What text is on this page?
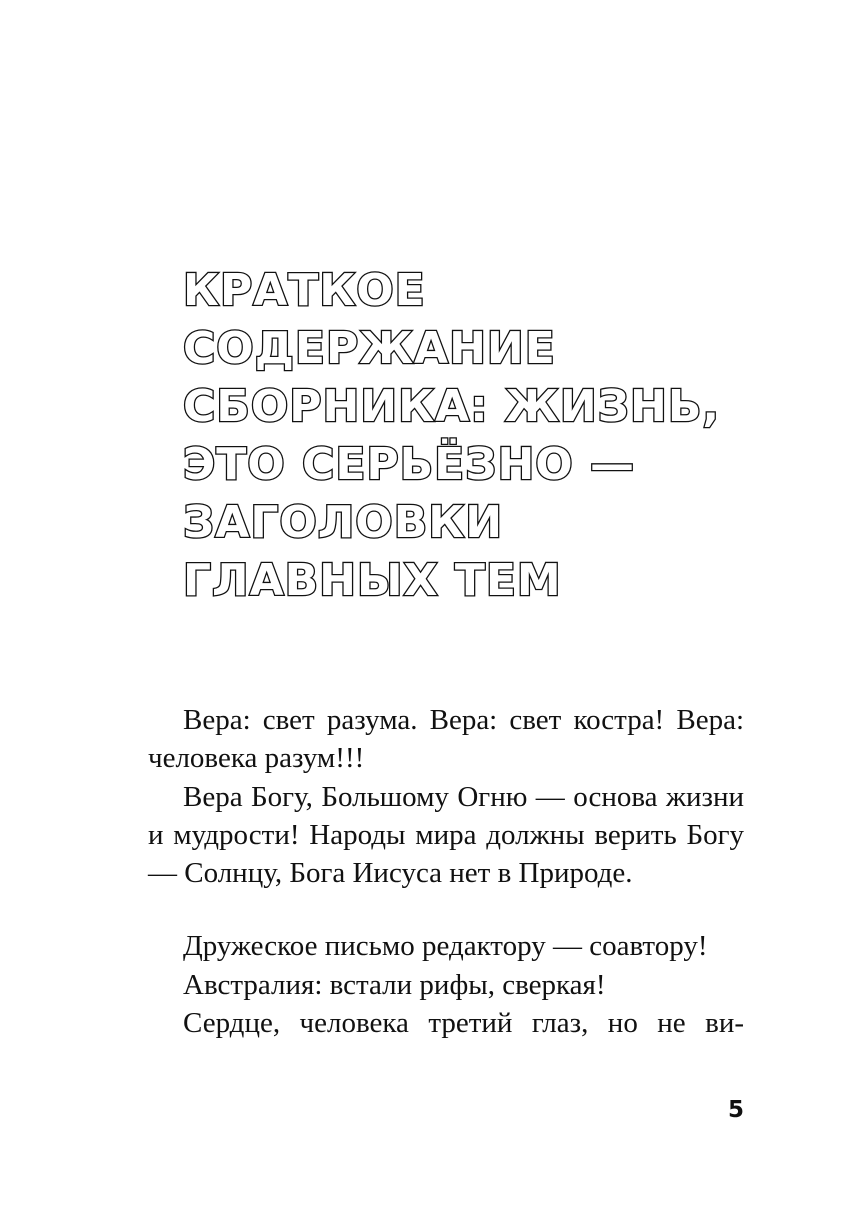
КРАТКОЕ
СОДЕРЖАНИЕ
СБОРНИКА: ЖИЗНЬ,
ЭТО СЕРЬЁЗНО —
ЗАГОЛОВКИ
ГЛАВНЫХ ТЕМ

Вера: свет разума. Вера: свет костра! Вера: человека разум!!!

Вера Богу, Большому Огню — основа жизни и мудрости! Народы мира должны верить Богу — Солнцу, Бога Иисуса нет в Природе.

Дружеское письмо редактору — соавтору!

Австралия: встали рифы, сверкая!

Сердце, человека третий глаз, но не ви-

5
